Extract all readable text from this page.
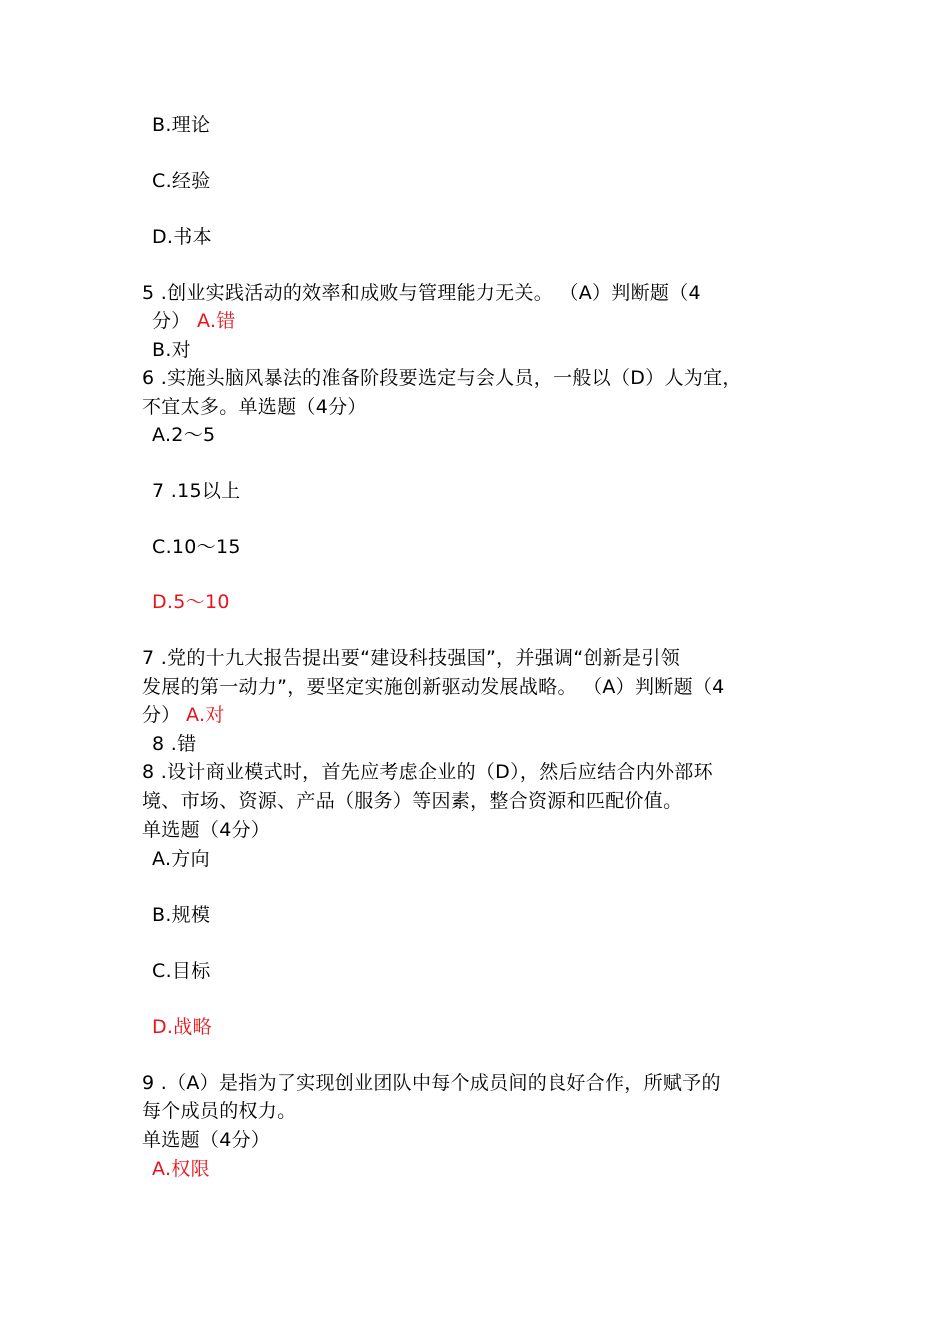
B.理论
C.经验
D.书本
5 .创业实践活动的效率和成败与管理能力无关。 （A）判断题（4
分） A.错
B.对
6 .实施头脑风暴法的准备阶段要选定与会人员，一般以（D）人为宜，
不宜太多。单选题（4分）
A.2～5
7 .15以上
C.10～15
D.5～10
7 .党的十九大报告提出要“建设科技强国”，并强调“创新是引领
发展的第一动力”，要坚定实施创新驱动发展战略。 （A）判断题（4
分） A.对
8 .错
8 .设计商业模式时，首先应考虑企业的（D），然后应结合内外部环
境、市场、资源、产品（服务）等因素，整合资源和匹配价值。
单选题（4分）
A.方向
B.规模
C.目标
D.战略
9 .（A）是指为了实现创业团队中每个成员间的良好合作，所赋予的
每个成员的权力。
单选题（4分）
A.权限
